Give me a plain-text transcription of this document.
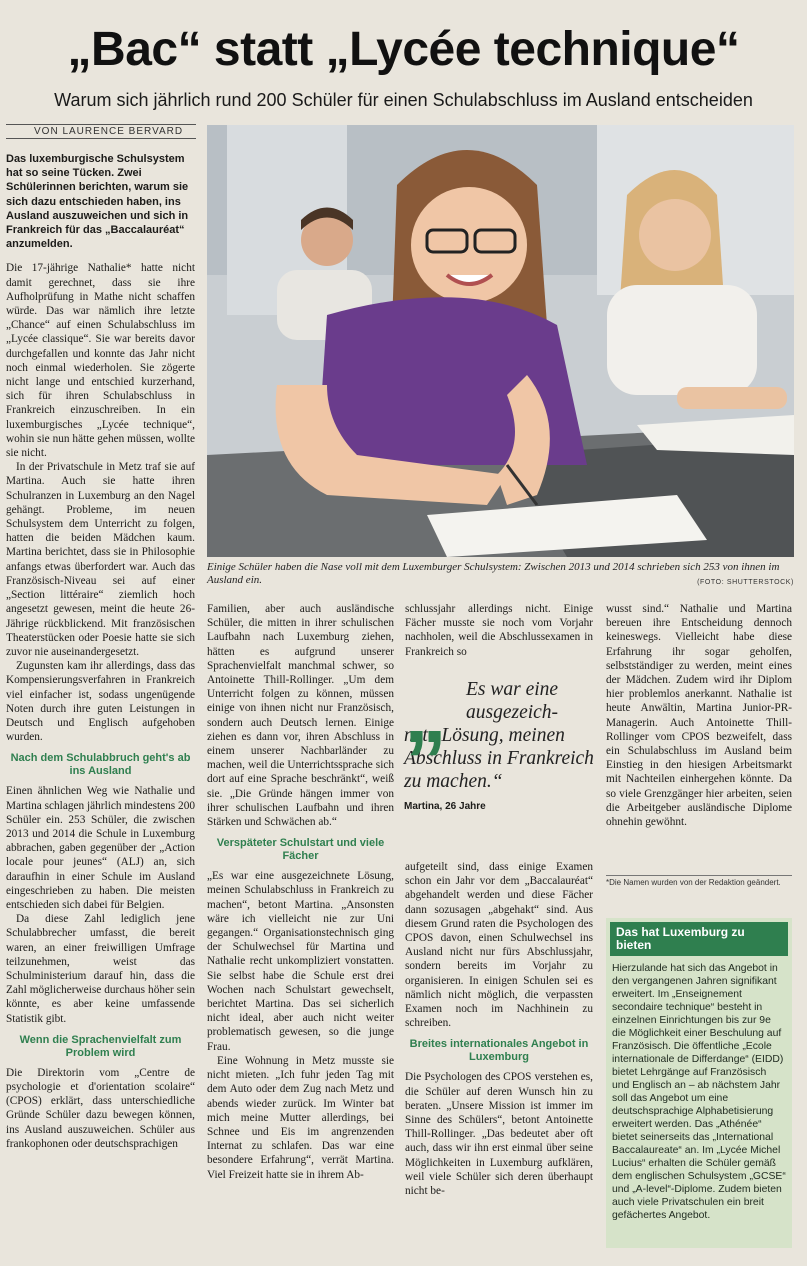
„Bac“ statt „Lycée technique“
Warum sich jährlich rund 200 Schüler für einen Schulabschluss im Ausland entscheiden
VON LAURENCE BERVARD

Das luxemburgische Schulsystem hat so seine Tücken. Zwei Schülerinnen berichten, warum sie sich dazu entschieden haben, ins Ausland auszuweichen und sich in Frankreich für das „Baccalauréat“ anzumelden.

Die 17-jährige Nathalie* hatte nicht damit gerechnet, dass sie ihre Aufholprüfung in Mathe nicht schaffen würde. Das war nämlich ihre letzte „Chance“ auf einen Schulabschluss im „Lycée classique“. Sie war bereits davor durchgefallen und konnte das Jahr nicht noch einmal wiederholen. Sie zögerte nicht lange und entschied kurzerhand, sich für ihren Schulabschluss in Frankreich einzuschreiben. In ein luxemburgisches „Lycée technique“, wohin sie nun hätte gehen müssen, wollte sie nicht.

In der Privatschule in Metz traf sie auf Martina. Auch sie hatte ihren Schulranzen in Luxemburg an den Nagel gehängt. Probleme, im neuen Schulsystem dem Unterricht zu folgen, hatten die beiden Mädchen kaum. Martina berichtet, dass sie in Philosophie anfangs etwas überfordert war. Auch das Französisch-Niveau sei auf einer „Section littéraire“ ziemlich hoch angesetzt gewesen, meint die heute 26-Jährige rückblickend. Mit französischen Theaterstücken oder Poesie hatte sie sich zuvor nie auseinandergesetzt.

Zugunsten kam ihr allerdings, dass das Kompensierungsverfahren in Frankreich viel einfacher ist, sodass ungenügende Noten durch ihre guten Leistungen in Deutsch und Englisch aufgehoben wurden.

Nach dem Schulabbruch geht's ab ins Ausland

Einen ähnlichen Weg wie Nathalie und Martina schlagen jährlich mindestens 200 Schüler ein. 253 Schüler, die zwischen 2013 und 2014 die Schule in Luxemburg abbrachen, gaben gegenüber der „Action locale pour jeunes“ (ALJ) an, sich daraufhin in einer Schule im Ausland eingeschrieben zu haben. Die meisten entschieden sich dabei für Belgien.

Da diese Zahl lediglich jene Schulabbrecher umfasst, die bereit waren, an einer freiwilligen Umfrage teilzunehmen, weist das Schulministerium darauf hin, dass die Zahl möglicherweise durchaus höher sein könnte, es aber keine umfassende Statistik gibt.

Wenn die Sprachenvielfalt zum Problem wird

Die Direktorin vom „Centre de psychologie et d'orientation scolaire“ (CPOS) erklärt, dass unterschiedliche Gründe Schüler dazu bewegen können, ins Ausland auszuweichen. Schüler aus frankophonen oder deutschsprachigen

Einige Schüler haben die Nase voll mit dem Luxemburger Schulsystem: Zwischen 2013 und 2014 schrieben sich 253 von ihnen im Ausland ein.	(FOTO: SHUTTERSTOCK)

Familien, aber auch ausländische Schüler, die mitten in ihrer schulischen Laufbahn nach Luxemburg ziehen, hätten es aufgrund unserer Sprachenvielfalt manchmal schwer, so Antoinette Thill-Rollinger. „Um dem Unterricht folgen zu können, müssen einige von ihnen nicht nur Französisch, sondern auch Deutsch lernen. Einige ziehen es dann vor, ihren Abschluss in einem unserer Nachbarländer zu machen, weil die Unterrichtssprache sich dort auf eine Sprache beschränkt“, weiß sie. „Die Gründe hängen immer von ihrer schulischen Laufbahn und ihren Stärken und Schwächen ab.“

Verspäteter Schulstart und viele Fächer

„Es war eine ausgezeichnete Lösung, meinen Schulabschluss in Frankreich zu machen“, betont Martina. „Ansonsten wäre ich vielleicht nie zur Uni gegangen.“ Organisationstechnisch ging der Schulwechsel für Martina und Nathalie recht unkompliziert vonstatten. Sie selbst habe die Schule erst drei Wochen nach Schulstart gewechselt, berichtet Martina. Das sei sicherlich nicht ideal, aber auch nicht weiter problematisch gewesen, so die junge Frau.

Eine Wohnung in Metz musste sie nicht mieten. „Ich fuhr jeden Tag mit dem Auto oder dem Zug nach Metz und abends wieder zurück. Im Winter bat mich meine Mutter allerdings, bei Schnee und Eis im angrenzenden Internat zu schlafen. Das war eine besondere Erfahrung“, verrät Martina. Viel Freizeit hatte sie in ihrem Ab-

schlussjahr allerdings nicht. Einige Fächer musste sie noch vom Vorjahr nachholen, weil die Abschlussexamen in Frankreich so

„ Es war eine
ausgezeich-
nete Lösung, meinen Abschluss in Frankreich zu machen.“
Martina, 26 Jahre

aufgeteilt sind, dass einige Examen schon ein Jahr vor dem „Baccalauréat“ abgehandelt werden und diese Fächer dann sozusagen „abgehakt“ sind. Aus diesem Grund raten die Psychologen des CPOS davon, einen Schulwechsel ins Ausland nicht nur fürs Abschlussjahr, sondern bereits im Vorjahr zu organisieren. In einigen Schulen sei es nämlich nicht möglich, die verpassten Examen noch im Nachhinein zu schreiben.

Breites internationales Angebot in Luxemburg

Die Psychologen des CPOS verstehen es, die Schüler auf deren Wunsch hin zu beraten. „Unsere Mission ist immer im Sinne des Schülers“, betont Antoinette Thill-Rollinger. „Das bedeutet aber oft auch, dass wir ihn erst einmal über seine Möglichkeiten in Luxemburg aufklären, weil viele Schüler sich deren überhaupt nicht be-

wusst sind.“ Nathalie und Martina bereuen ihre Entscheidung dennoch keineswegs. Vielleicht habe diese Erfahrung ihr sogar geholfen, selbstständiger zu werden, meint eines der Mädchen. Zudem wird ihr Diplom hier problemlos anerkannt. Nathalie ist heute Anwältin, Martina Junior-PR-Managerin. Auch Antoinette Thill-Rollinger vom CPOS bezweifelt, dass ein Schulabschluss im Ausland beim Einstieg in den hiesigen Arbeitsmarkt mit Nachteilen einhergehen könnte. Da so viele Grenzgänger hier arbeiten, seien die Arbeitgeber ausländische Diplome ohnehin gewöhnt.

*Die Namen wurden von der Redaktion geändert.
Das hat Luxemburg zu bieten
Hierzulande hat sich das Angebot in den vergangenen Jahren signifikant erweitert. Im „Enseignement secondaire technique“ besteht in einzelnen Einrichtungen bis zur 9e die Möglichkeit einer Beschulung auf Französisch. Die öffentliche „Ecole internationale de Differdange“ (EIDD) bietet Lehrgänge auf Französisch und Englisch an – ab nächstem Jahr soll das Angebot um eine deutschsprachige Alphabetisierung erweitert werden. Das „Athénée“ bietet seinerseits das „International Baccalaureate“ an. Im „Lycée Michel Lucius“ erhalten die Schüler gemäß dem englischen Schulsystem „GCSE“ und „A-level“-Diplome. Zudem bieten auch viele Privatschulen ein breit gefächertes Angebot.
